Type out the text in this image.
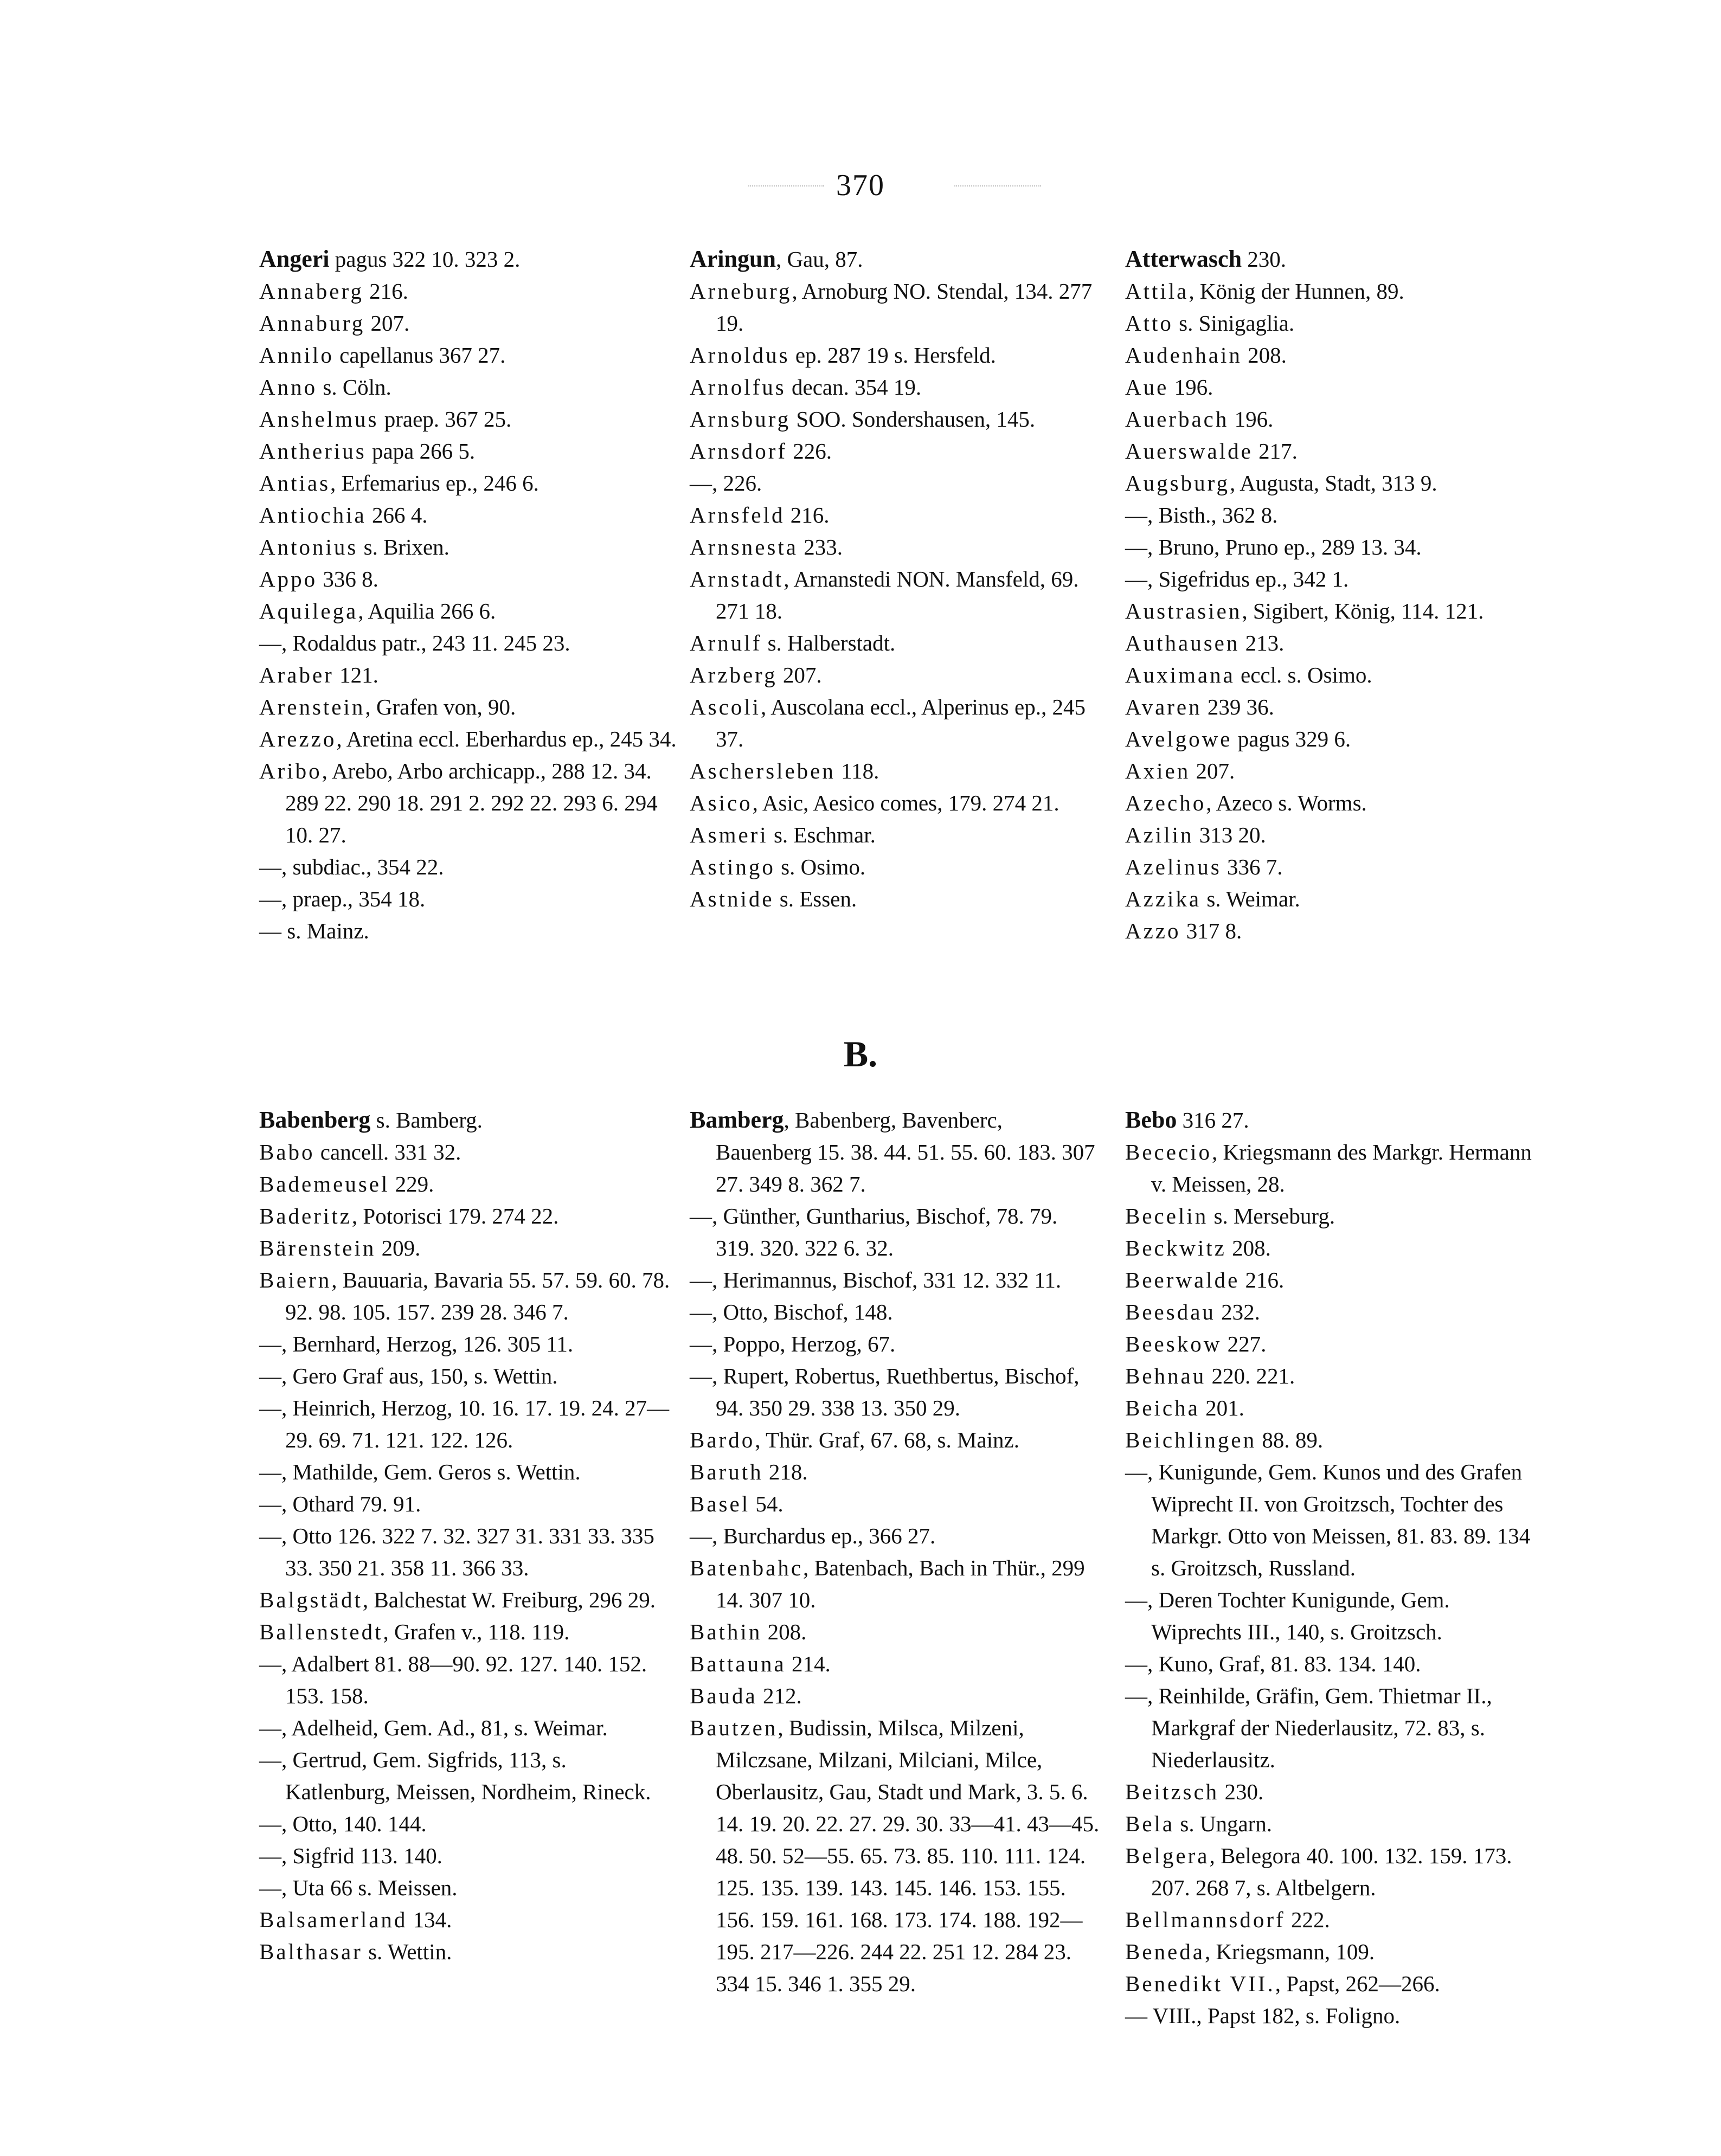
370

Angeri pagus 322 10. 323 2.

Annaberg 216.

Annaburg 207.

Annilo capellanus 367 27.

Anno s. Cöln.

Anshelmus praep. 367 25.

Antherius papa 266 5.

Antias, Erfemarius ep., 246 6.

Antiochia 266 4.

Antonius s. Brixen.

Appo 336 8.

Aquilega, Aquilia 266 6.

—, Rodaldus patr., 243 11. 245 23.

Araber 121.

Arenstein, Grafen von, 90.

Arezzo, Aretina eccl. Eberhardus ep., 245 34.

Aribo, Arebo, Arbo archicapp., 288 12. 34. 289 22. 290 18. 291 2. 292 22. 293 6. 294 10. 27.

—, subdiac., 354 22.

—, praep., 354 18.

— s. Mainz.

Aringun, Gau, 87.

Arneburg, Arnoburg NO. Stendal, 134. 277 19.

Arnoldus ep. 287 19 s. Hersfeld.

Arnolfus decan. 354 19.

Arnsburg SOO. Sondershausen, 145.

Arnsdorf 226.

—, 226.

Arnsfeld 216.

Arnsnesta 233.

Arnstadt, Arnanstedi NON. Mansfeld, 69. 271 18.

Arnulf s. Halberstadt.

Arzberg 207.

Ascoli, Auscolana eccl., Alperinus ep., 245 37.

Aschersleben 118.

Asico, Asic, Aesico comes, 179. 274 21.

Asmeri s. Eschmar.

Astingo s. Osimo.

Astnide s. Essen.

Atterwasch 230.

Attila, König der Hunnen, 89.

Atto s. Sinigaglia.

Audenhain 208.

Aue 196.

Auerbach 196.

Auerswalde 217.

Augsburg, Augusta, Stadt, 313 9.

—, Bisth., 362 8.

—, Bruno, Pruno ep., 289 13. 34.

—, Sigefridus ep., 342 1.

Austrasien, Sigibert, König, 114. 121.

Authausen 213.

Auximana eccl. s. Osimo.

Avaren 239 36.

Avelgowe pagus 329 6.

Axien 207.

Azecho, Azeco s. Worms.

Azilin 313 20.

Azelinus 336 7.

Azzika s. Weimar.

Azzo 317 8.

B.

Babenberg s. Bamberg.

Babo cancell. 331 32.

Bademeusel 229.

Baderitz, Potorisci 179. 274 22.

Bärenstein 209.

Baiern, Bauuaria, Bavaria 55. 57. 59. 60. 78. 92. 98. 105. 157. 239 28. 346 7.

—, Bernhard, Herzog, 126. 305 11.

—, Gero Graf aus, 150, s. Wettin.

—, Heinrich, Herzog, 10. 16. 17. 19. 24. 27—29. 69. 71. 121. 122. 126.

—, Mathilde, Gem. Geros s. Wettin.

—, Othard 79. 91.

—, Otto 126. 322 7. 32. 327 31. 331 33. 335 33. 350 21. 358 11. 366 33.

Balgstädt, Balchestat W. Freiburg, 296 29.

Ballenstedt, Grafen v., 118. 119.

—, Adalbert 81. 88—90. 92. 127. 140. 152. 153. 158.

—, Adelheid, Gem. Ad., 81, s. Weimar.

—, Gertrud, Gem. Sigfrids, 113, s. Katlenburg, Meissen, Nordheim, Rineck.

—, Otto, 140. 144.

—, Sigfrid 113. 140.

—, Uta 66 s. Meissen.

Balsamerland 134.

Balthasar s. Wettin.

Bamberg, Babenberg, Bavenberc, Bauenberg 15. 38. 44. 51. 55. 60. 183. 307 27. 349 8. 362 7.

—, Günther, Guntharius, Bischof, 78. 79. 319. 320. 322 6. 32.

—, Herimannus, Bischof, 331 12. 332 11.

—, Otto, Bischof, 148.

—, Poppo, Herzog, 67.

—, Rupert, Robertus, Ruethbertus, Bischof, 94. 350 29. 338 13. 350 29.

Bardo, Thür. Graf, 67. 68, s. Mainz.

Baruth 218.

Basel 54.

—, Burchardus ep., 366 27.

Batenbahc, Batenbach, Bach in Thür., 299 14. 307 10.

Bathin 208.

Battauna 214.

Bauda 212.

Bautzen, Budissin, Milsca, Milzeni, Milczsane, Milzani, Milciani, Milce, Oberlausitz, Gau, Stadt und Mark, 3. 5. 6. 14. 19. 20. 22. 27. 29. 30. 33—41. 43—45. 48. 50. 52—55. 65. 73. 85. 110. 111. 124. 125. 135. 139. 143. 145. 146. 153. 155. 156. 159. 161. 168. 173. 174. 188. 192—195. 217—226. 244 22. 251 12. 284 23. 334 15. 346 1. 355 29.

Bebo 316 27.

Bececio, Kriegsmann des Markgr. Hermann v. Meissen, 28.

Becelin s. Merseburg.

Beckwitz 208.

Beerwalde 216.

Beesdau 232.

Beeskow 227.

Behnau 220. 221.

Beicha 201.

Beichlingen 88. 89.

—, Kunigunde, Gem. Kunos und des Grafen Wiprecht II. von Groitzsch, Tochter des Markgr. Otto von Meissen, 81. 83. 89. 134 s. Groitzsch, Russland.

—, Deren Tochter Kunigunde, Gem. Wiprechts III., 140, s. Groitzsch.

—, Kuno, Graf, 81. 83. 134. 140.

—, Reinhilde, Gräfin, Gem. Thietmar II., Markgraf der Niederlausitz, 72. 83, s. Niederlausitz.

Beitzsch 230.

Bela s. Ungarn.

Belgera, Belegora 40. 100. 132. 159. 173. 207. 268 7, s. Altbelgern.

Bellmannsdorf 222.

Beneda, Kriegsmann, 109.

Benedikt VII., Papst, 262—266.

— VIII., Papst 182, s. Foligno.
